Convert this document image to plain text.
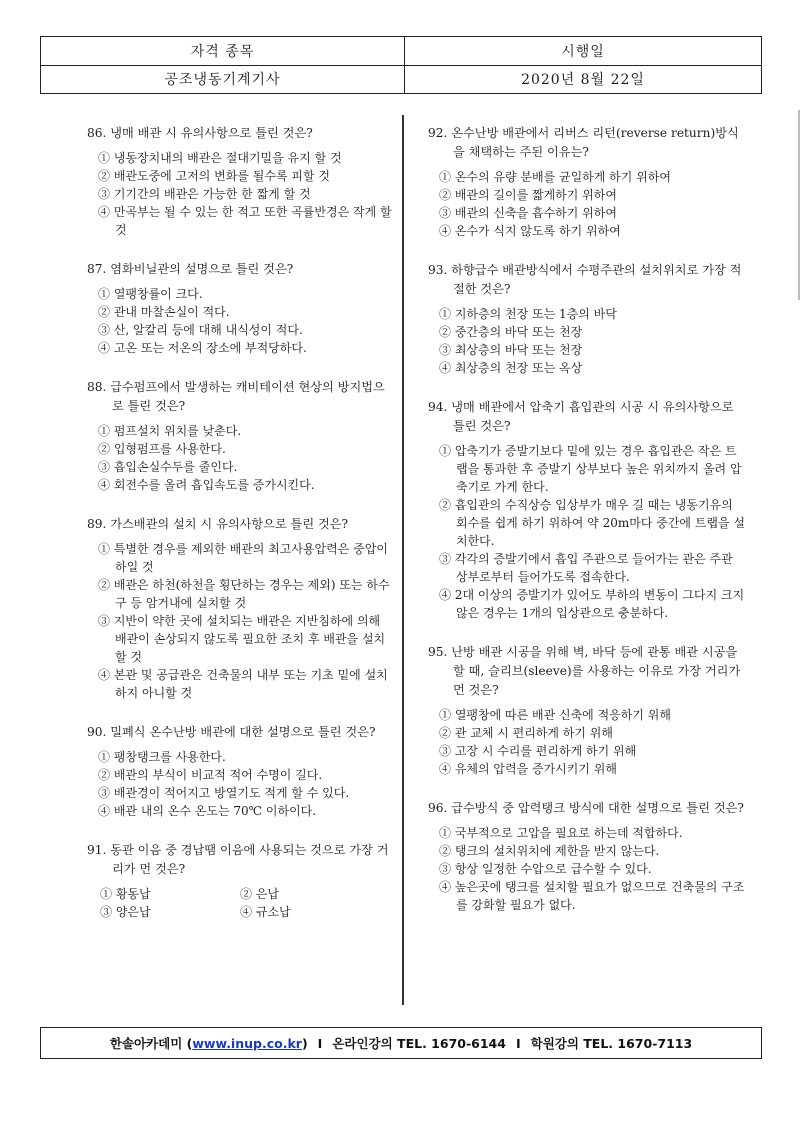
자격 종목	시행일
공조냉동기계기사	2020년 8월 22일
86. 냉매 배관 시 유의사항으로 틀린 것은?
① 냉동장치내의 배관은 절대기밀을 유지 할 것
② 배관도중에 고저의 변화를 될수록 피할 것
③ 기기간의 배관은 가능한 한 짧게 할 것
④ 만곡부는 될 수 있는 한 적고 또한 곡률반경은 작게 할 것
87. 염화비닐관의 설명으로 틀린 것은?
① 열팽창률이 크다.
② 관내 마찰손실이 적다.
③ 산, 알칼리 등에 대해 내식성이 적다.
④ 고온 또는 저온의 장소에 부적당하다.
88. 급수펌프에서 발생하는 캐비테이션 현상의 방지법으로 틀린 것은?
① 펌프설치 위치를 낮춘다.
② 입형펌프를 사용한다.
③ 흡입손실수두를 줄인다.
④ 회전수를 올려 흡입속도를 증가시킨다.
89. 가스배관의 설치 시 유의사항으로 틀린 것은?
① 특별한 경우를 제외한 배관의 최고사용압력은 중압이하일 것
② 배관은 하천(하천을 횡단하는 경우는 제외) 또는 하수구 등 암거내에 실치할 것
③ 지반이 약한 곳에 설치되는 배관은 지반침하에 의해 배관이 손상되지 않도록 필요한 조치 후 배관을 설치할 것
④ 본관 및 공급관은 건축물의 내부 또는 기초 밑에 설치하지 아니할 것
90. 밀폐식 온수난방 배관에 대한 설명으로 틀린 것은?
① 팽창탱크를 사용한다.
② 배관의 부식이 비교적 적어 수명이 길다.
③ 배관경이 적어지고 방열기도 적게 할 수 있다.
④ 배관 내의 온수 온도는 70℃ 이하이다.
91. 동관 이음 중 경납땜 이음에 사용되는 것으로 가장 거리가 먼 것은?
① 황동납	② 은납
③ 양은납	④ 규소납
92. 온수난방 배관에서 리버스 리턴(reverse return)방식을 채택하는 주된 이유는?
① 온수의 유량 분배를 균일하게 하기 위하여
② 배관의 길이를 짧게하기 위하여
③ 배관의 신축을 흡수하기 위하여
④ 온수가 식지 않도록 하기 위하여
93. 하향급수 배관방식에서 수평주관의 설치위치로 가장 적절한 것은?
① 지하층의 천장 또는 1층의 바닥
② 중간층의 바닥 또는 천장
③ 최상층의 바닥 또는 천장
④ 최상층의 천장 또는 옥상
94. 냉매 배관에서 압축기 흡입관의 시공 시 유의사항으로 틀린 것은?
① 압축기가 증발기보다 밑에 있는 경우 흡입관은 작은 트랩을 통과한 후 증발기 상부보다 높은 위치까지 올려 압축기로 가게 한다.
② 흡입관의 수직상승 입상부가 매우 길 때는 냉동기유의 회수를 쉽게 하기 위하여 약 20m마다 중간에 트랩을 설치한다.
③ 각각의 증발기에서 흡입 주관으로 들어가는 관은 주관 상부로부터 들어가도록 접속한다.
④ 2대 이상의 증발기가 있어도 부하의 변동이 그다지 크지 않은 경우는 1개의 입상관으로 충분하다.
95. 난방 배관 시공을 위해 벽, 바닥 등에 관통 배관 시공을 할 때, 슬리브(sleeve)를 사용하는 이유로 가장 거리가 먼 것은?
① 열팽창에 따른 배관 신축에 적응하기 위해
② 관 교체 시 편리하게 하기 위해
③ 고장 시 수리를 편리하게 하기 위해
④ 유체의 압력을 증가시키기 위해
96. 급수방식 중 압력탱크 방식에 대한 설명으로 틀린 것은?
① 국부적으로 고압을 필요로 하는데 적합하다.
② 탱크의 설치위치에 제한을 받지 않는다.
③ 항상 일정한 수압으로 급수할 수 있다.
④ 높은곳에 탱크를 설치할 필요가 없으므로 건축물의 구조를 강화할 필요가 없다.
한솔아카데미 ( www.inup.co.kr ) I 온라인강의 TEL. 1670-6144 I 학원강의 TEL. 1670-7113
